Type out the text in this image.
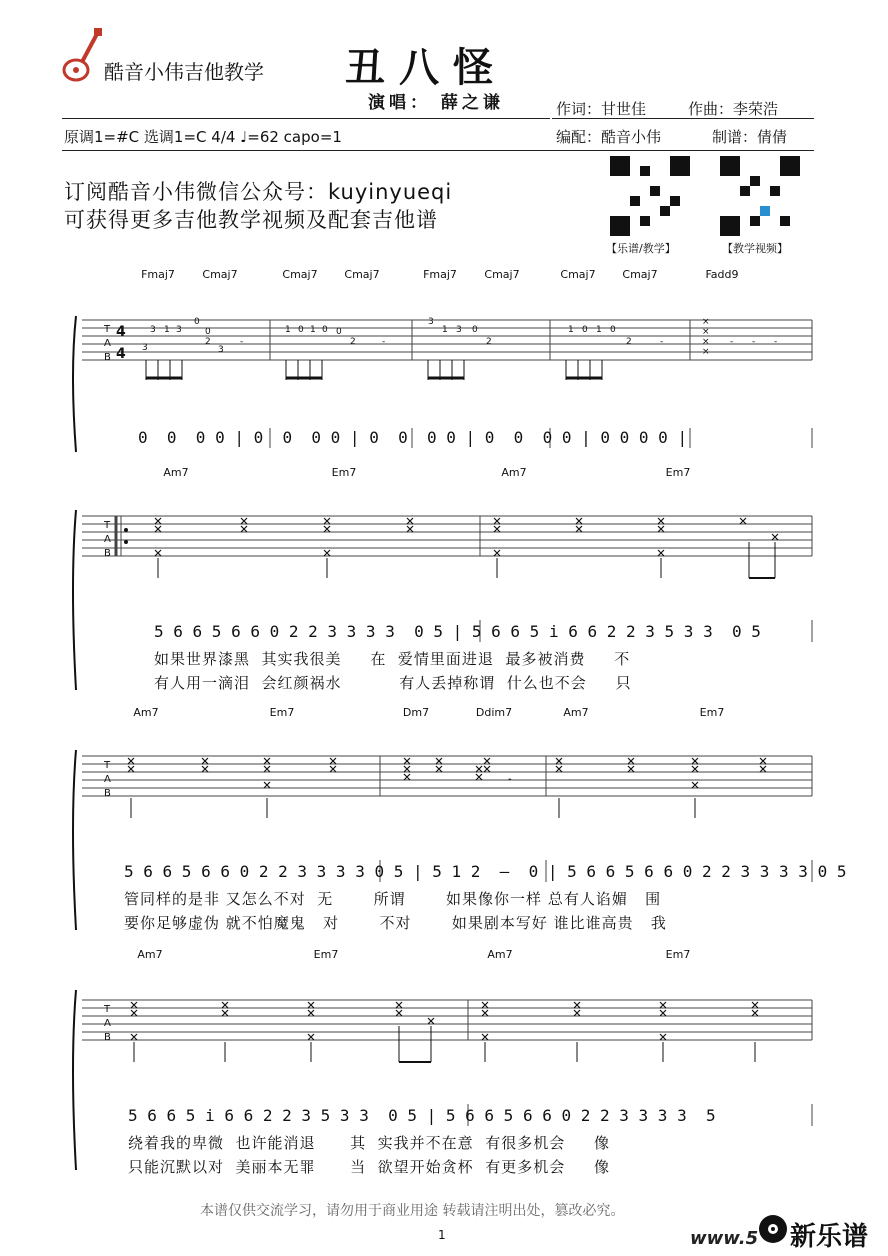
酷音小伟吉他教学 丑八怪
演唱： 薛之谦	作词：甘世佳	作曲：李荣浩
原调1=#C 选调1=C 4/4 ♩=62 capo=1	编配：酷音小伟	制谱：倩倩
订阅酷音小伟微信公众号：kuyinyueqi
可获得更多吉他教学视频及配套吉他谱
【乐谱/教学】	【教学视频】
T
A
B
4
4
3 1 3
0
3
0
2
3
1 0 1 0 0
2
3
1 3 0
2
1 0 1 0
2
×
×
×
×
- - -
-	-	-
Fmaj7 Cmaj7	Cmaj7 Cmaj7	Fmaj7 Cmaj7	Cmaj7 Cmaj7	Fadd9
0  0  0 0 | 0  0  0 0 | 0  0  0 0 | 0  0  0 0 | 0 0 0 0 |
T
A
B
Am7	Em7	Am7	Em7
5 6 6 5 6 6 0 2 2 3 3 3 3  0 5 | 5 6 6 5 i 6 6 2 2 3 5 3 3  0 5
如果世界漆黑  其实我很美     在  爱情里面进退  最多被消费     不
有人用一滴泪  会红颜祸水          有人丢掉称谓  什么也不会     只
T
A
B
-
Am7	Em7	Dm7	Ddim7	Am7	Em7
5 6 6 5 6 6 0 2 2 3 3 3 3 0 5 | 5 1 2  —  0 | 5 6 6 5 6 6 0 2 2 3 3 3 3 0 5
管同样的是非 又怎么不对  无       所谓       如果像你一样 总有人谄媚   围
要你足够虚伪 就不怕魔鬼   对       不对       如果剧本写好 谁比谁高贵   我
T
A
B
Am7	Em7	Am7	Em7
5 6 6 5 i 6 6 2 2 3 5 3 3  0 5 | 5 6 6 5 6 6 0 2 2 3 3 3 3  5
绕着我的卑微  也许能消退      其  实我并不在意  有很多机会     像
只能沉默以对  美丽本无罪      当  欲望开始贪杯  有更多机会     像
本谱仅供交流学习，请勿用于商业用途 转载请注明出处，篡改必究。
1	www.5 新乐谱
